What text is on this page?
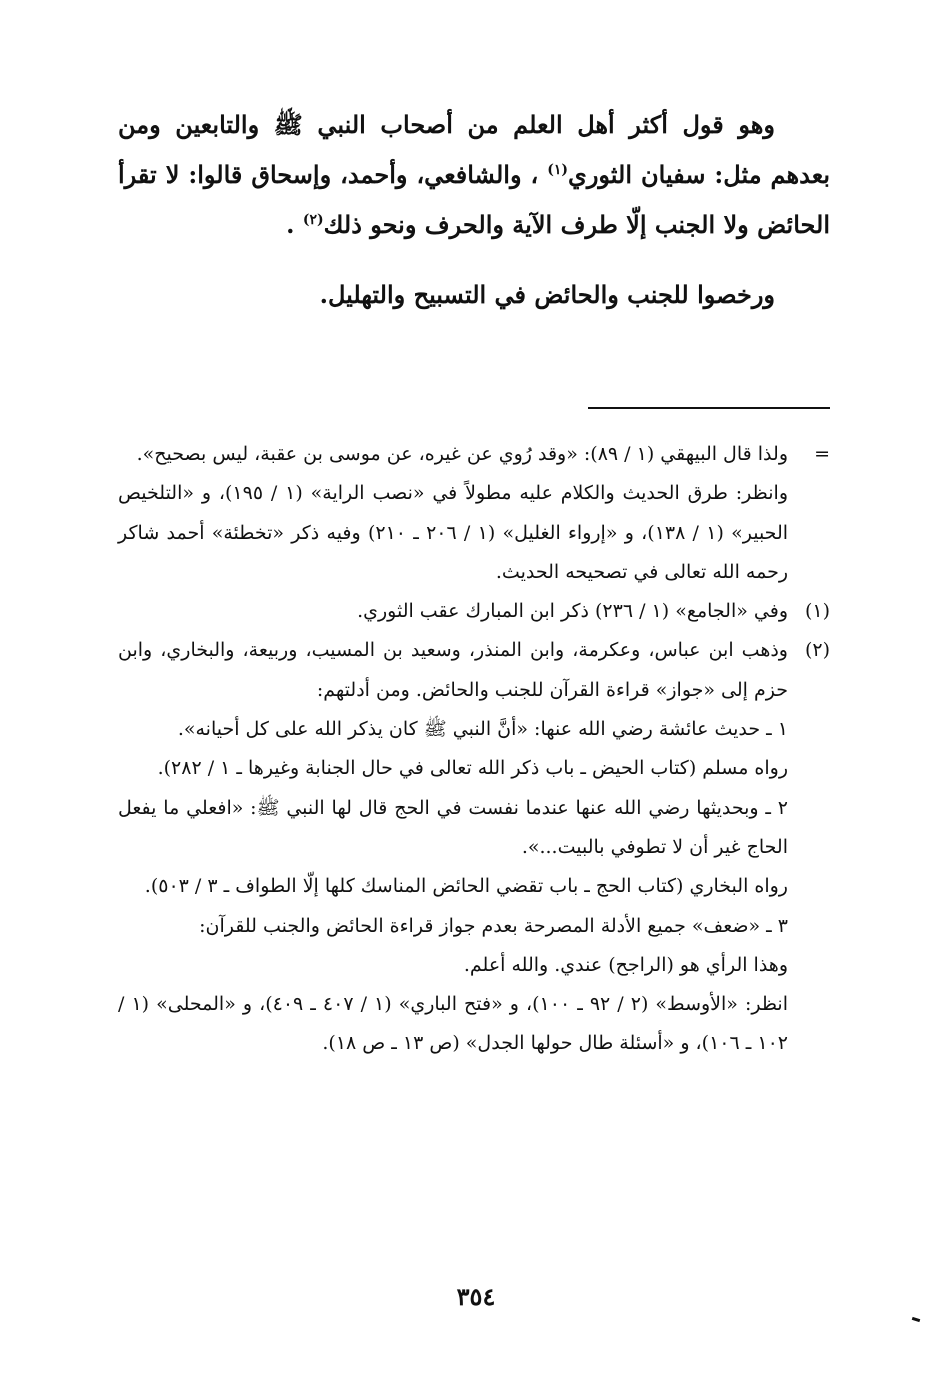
وهو قول أكثر أهل العلم من أصحاب النبي ﷺ والتابعين ومن بعدهم مثل: سفيان الثوري$^{(١)}$ ، والشافعي، وأحمد، وإسحاق قالوا: لا تقرأ الحائض ولا الجنب إلّا طرف الآية والحرف ونحو ذلك$^{(٢)}$ .

ورخصوا للجنب والحائض في التسبيح والتهليل.

=
ولذا قال البيهقي (١ / ٨٩): «وقد رُوي عن غيره، عن موسى بن عقبة، ليس بصحيح».
وانظر: طرق الحديث والكلام عليه مطولاً في «نصب الراية» (١ / ١٩٥)، و «التلخيص الحبير» (١ / ١٣٨)، و «إرواء الغليل» (١ / ٢٠٦ ـ ٢١٠) وفيه ذكر «تخطئة» أحمد شاكر رحمه الله تعالى في تصحيحه الحديث.
(١)
وفي «الجامع» (١ / ٢٣٦) ذكر ابن المبارك عقب الثوري.
(٢)
وذهب ابن عباس، وعكرمة، وابن المنذر، وسعيد بن المسيب، وربيعة، والبخاري، وابن حزم إلى «جواز» قراءة القرآن للجنب والحائض. ومن أدلتهم:
١ ـ حديث عائشة رضي الله عنها: «أنَّ النبي ﷺ كان يذكر الله على كل أحيانه».
رواه مسلم (كتاب الحيض ـ باب ذكر الله تعالى في حال الجنابة وغيرها ـ ١ / ٢٨٢).
٢ ـ وبحديثها رضي الله عنها عندما نفست في الحج قال لها النبي ﷺ: «افعلي ما يفعل الحاج غير أن لا تطوفي بالبيت...».
رواه البخاري (كتاب الحج ـ باب تقضي الحائض المناسك كلها إلّا الطواف ـ ٣ / ٥٠٣).
٣ ـ «ضعف» جميع الأدلة المصرحة بعدم جواز قراءة الحائض والجنب للقرآن:
وهذا الرأي هو (الراجح) عندي. والله أعلم.
انظر: «الأوسط» (٢ / ٩٢ ـ ١٠٠)، و «فتح الباري» (١ / ٤٠٧ ـ ٤٠٩)، و «المحلى» (١ / ١٠٢ ـ ١٠٦)، و «أسئلة طال حولها الجدل» (ص ١٣ ـ ص ١٨).
٣٥٤
